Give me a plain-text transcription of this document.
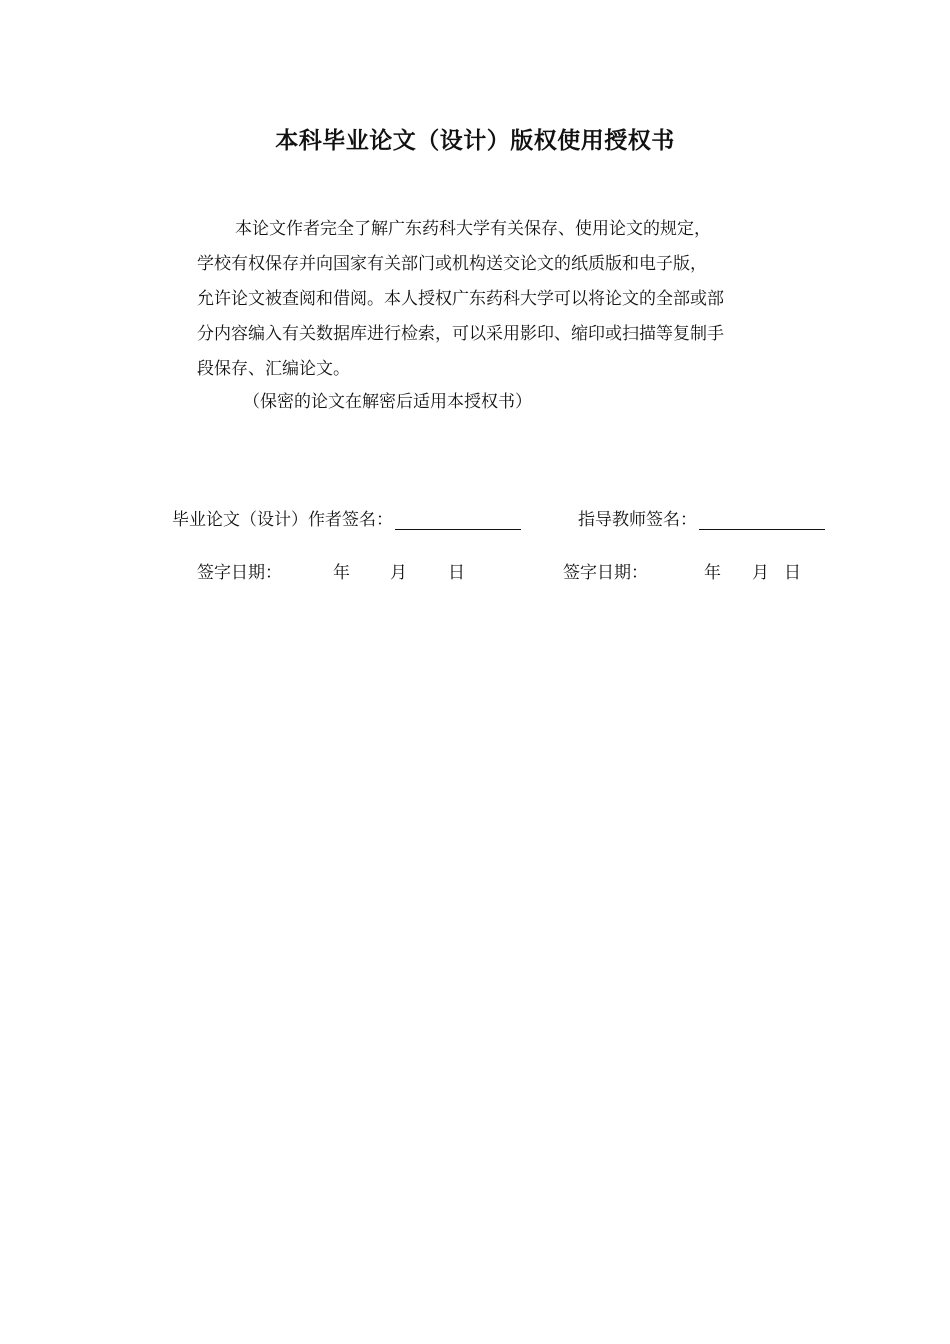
本科毕业论文（设计）版权使用授权书
本论文作者完全了解广东药科大学有关保存、使用论文的规定，
学校有权保存并向国家有关部门或机构送交论文的纸质版和电子版，
允许论文被查阅和借阅。本人授权广东药科大学可以将论文的全部或部
分内容编入有关数据库进行检索，可以采用影印、缩印或扫描等复制手
段保存、汇编论文。
（保密的论文在解密后适用本授权书）
毕业论文（设计）作者签名：	指导教师签名：
签字日期：	年 月 日	签字日期：	年 月 日
